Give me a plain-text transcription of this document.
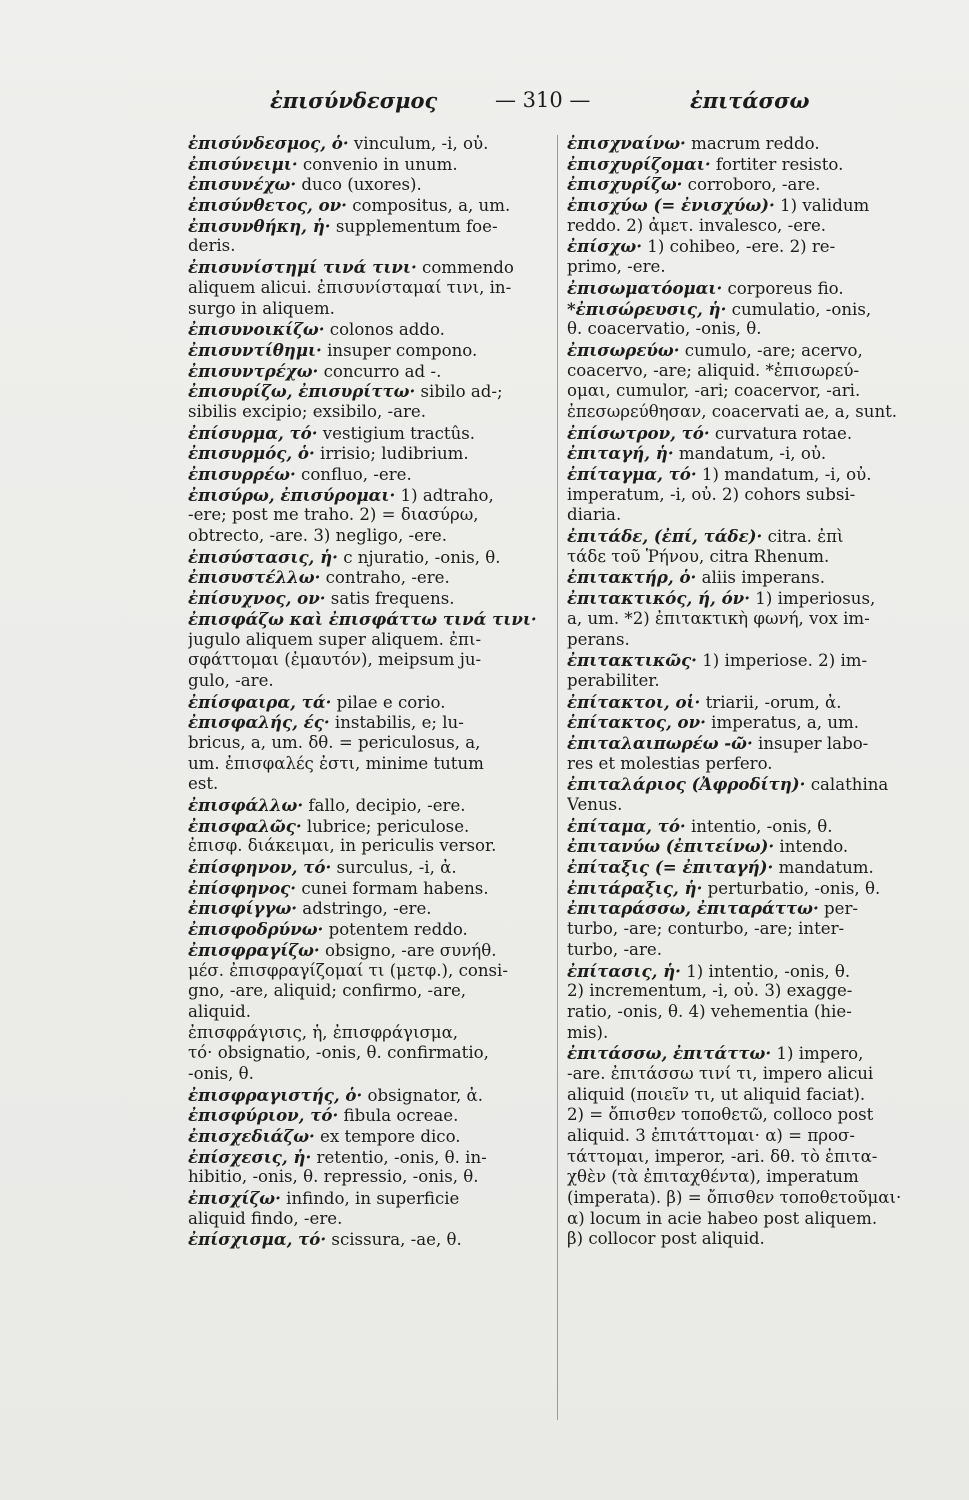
ἐπισύνδεσμος	— 310 —	ἐπιτάσσω
ἐπισύνδεσμος, ὁ· vinculum, -i, οὐ.
ἐπισύνειμι· convenio in unum.
ἐπισυνέχω· duco (uxores).
ἐπισύνθετος, ον· compositus, a, um.
ἐπισυνθήκη, ἡ· supplementum foe-
deris.
ἐπισυνίστημί τινά τινι· commendo
aliquem alicui. ἐπισυνίσταμαί τινι, in-
surgo in aliquem.
ἐπισυνοικίζω· colonos addo.
ἐπισυντίθημι· insuper compono.
ἐπισυντρέχω· concurro ad -.
ἐπισυρίζω, ἐπισυρίττω· sibilo ad-;
sibilis excipio; exsibilo, -are.
ἐπίσυρμα, τό· vestigium tractûs.
ἐπισυρμός, ὁ· irrisio; ludibrium.
ἐπισυρρέω· confluo, -ere.
ἐπισύρω, ἐπισύρομαι· 1) adtraho,
-ere; post me traho. 2) = διασύρω,
obtrecto, -are. 3) negligo, -ere.
ἐπισύστασις, ἡ· c njuratio, -onis, θ.
ἐπισυστέλλω· contraho, -ere.
ἐπίσυχνος, ον· satis frequens.
ἐπισφάζω καὶ ἐπισφάττω τινά τινι·
jugulo aliquem super aliquem. ἐπι-
σφάττομαι (ἐμαυτόν), meipsum ju-
gulo, -are.
ἐπίσφαιρα, τά· pilae e corio.
ἐπισφαλής, ές· instabilis, e; lu-
bricus, a, um. δθ. = periculosus, a,
um. ἐπισφαλές ἐστι, minime tutum
est.
ἐπισφάλλω· fallo, decipio, -ere.
ἐπισφαλῶς· lubrice; periculose.
ἐπισφ. διάκειμαι, in periculis versor.
ἐπίσφηνον, τό· surculus, -i, ἀ.
ἐπίσφηνος· cunei formam habens.
ἐπισφίγγω· adstringo, -ere.
ἐπισφοδρύνω· potentem reddo.
ἐπισφραγίζω· obsigno, -are συνήθ.
μέσ. ἐπισφραγίζομαί τι (μετφ.), consi-
gno, -are, aliquid; confirmo, -are,
aliquid.
ἐπισφράγισις, ἡ, ἐπισφράγισμα,
τό· obsignatio, -onis, θ. confirmatio,
-onis, θ.
ἐπισφραγιστής, ὁ· obsignator, ἀ.
ἐπισφύριον, τό· fibula ocreae.
ἐπισχεδιάζω· ex tempore dico.
ἐπίσχεσις, ἡ· retentio, -onis, θ. in-
hibitio, -onis, θ. repressio, -onis, θ.
ἐπισχίζω· infindo, in superficie
aliquid findo, -ere.
ἐπίσχισμα, τό· scissura, -ae, θ.
ἐπισχναίνω· macrum reddo.
ἐπισχυρίζομαι· fortiter resisto.
ἐπισχυρίζω· corroboro, -are.
ἐπισχύω (= ἐνισχύω)· 1) validum
reddo. 2) ἀμετ. invalesco, -ere.
ἐπίσχω· 1) cohibeo, -ere. 2) re-
primo, -ere.
ἐπισωματόομαι· corporeus fio.
*ἐπισώρευσις, ἡ· cumulatio, -onis,
θ. coacervatio, -onis, θ.
ἐπισωρεύω· cumulo, -are; acervo,
coacervo, -are; aliquid. *ἐπισωρεύ-
ομαι, cumulor, -ari; coacervor, -ari.
ἐπεσωρεύθησαν, coacervati ae, a, sunt.
ἐπίσωτρον, τό· curvatura rotae.
ἐπιταγή, ἡ· mandatum, -i, οὐ.
ἐπίταγμα, τό· 1) mandatum, -i, οὐ.
imperatum, -i, οὐ. 2) cohors subsi-
diaria.
ἐπιτάδε, (ἐπί, τάδε)· citra. ἐπὶ
τάδε τοῦ Ῥήνου, citra Rhenum.
ἐπιτακτήρ, ὁ· aliis imperans.
ἐπιτακτικός, ή, όν· 1) imperiosus,
a, um. *2) ἐπιτακτικὴ φωνή, vox im-
perans.
ἐπιτακτικῶς· 1) imperiose. 2) im-
perabiliter.
ἐπίτακτοι, οἱ· triarii, -orum, ἀ.
ἐπίτακτος, ον· imperatus, a, um.
ἐπιταλαιπωρέω -ῶ· insuper labo-
res et molestias perfero.
ἐπιταλάριος (Ἀφροδίτη)· calathina
Venus.
ἐπίταμα, τό· intentio, -onis, θ.
ἐπιτανύω (ἐπιτείνω)· intendo.
ἐπίταξις (= ἐπιταγή)· mandatum.
ἐπιτάραξις, ἡ· perturbatio, -onis, θ.
ἐπιταράσσω, ἐπιταράττω· per-
turbo, -are; conturbo, -are; inter-
turbo, -are.
ἐπίτασις, ἡ· 1) intentio, -onis, θ.
2) incrementum, -i, οὐ. 3) exagge-
ratio, -onis, θ. 4) vehementia (hie-
mis).
ἐπιτάσσω, ἐπιτάττω· 1) impero,
-are. ἐπιτάσσω τινί τι, impero alicui
aliquid (ποιεῖν τι, ut aliquid faciat).
2) = ὄπισθεν τοποθετῶ, colloco post
aliquid. 3 ἐπιτάττομαι· α) = προσ-
τάττομαι, imperor, -ari. δθ. τὸ ἐπιτα-
χθὲν (τὰ ἐπιταχθέντα), imperatum
(imperata). β) = ὄπισθεν τοποθετοῦμαι·
α) locum in acie habeo post aliquem.
β) collocor post aliquid.
